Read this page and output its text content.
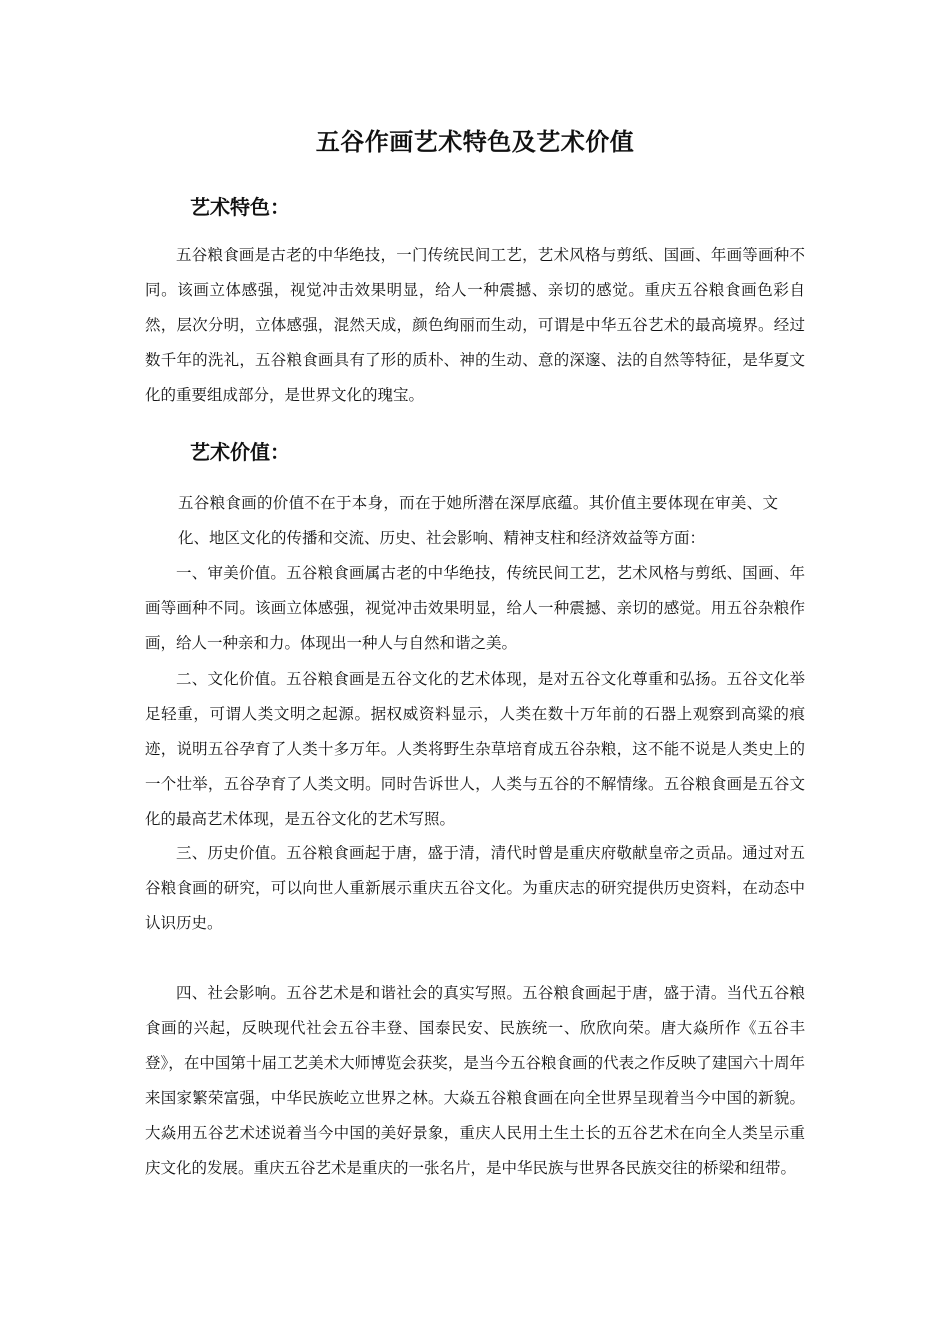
五谷作画艺术特色及艺术价值
艺术特色：

五谷粮食画是古老的中华绝技，一门传统民间工艺，艺术风格与剪纸、国画、年画等画种不同。该画立体感强，视觉冲击效果明显，给人一种震撼、亲切的感觉。重庆五谷粮食画色彩自然，层次分明，立体感强，混然天成，颜色绚丽而生动，可谓是中华五谷艺术的最高境界。经过数千年的洗礼，五谷粮食画具有了形的质朴、神的生动、意的深邃、法的自然等特征，是华夏文化的重要组成部分，是世界文化的瑰宝。

艺术价值：

五谷粮食画的价值不在于本身，而在于她所潜在深厚底蕴。其价值主要体现在审美、文化、地区文化的传播和交流、历史、社会影响、精神支柱和经济效益等方面：

一、审美价值。五谷粮食画属古老的中华绝技，传统民间工艺，艺术风格与剪纸、国画、年画等画种不同。该画立体感强，视觉冲击效果明显，给人一种震撼、亲切的感觉。用五谷杂粮作画，给人一种亲和力。体现出一种人与自然和谐之美。

二、文化价值。五谷粮食画是五谷文化的艺术体现，是对五谷文化尊重和弘扬。五谷文化举足轻重，可谓人类文明之起源。据权威资料显示，人类在数十万年前的石器上观察到高粱的痕迹，说明五谷孕育了人类十多万年。人类将野生杂草培育成五谷杂粮，这不能不说是人类史上的一个壮举，五谷孕育了人类文明。同时告诉世人，人类与五谷的不解情缘。五谷粮食画是五谷文化的最高艺术体现，是五谷文化的艺术写照。

三、历史价值。五谷粮食画起于唐，盛于清，清代时曾是重庆府敬献皇帝之贡品。通过对五谷粮食画的研究，可以向世人重新展示重庆五谷文化。为重庆志的研究提供历史资料，在动态中认识历史。

四、社会影响。五谷艺术是和谐社会的真实写照。五谷粮食画起于唐，盛于清。当代五谷粮食画的兴起，反映现代社会五谷丰登、国泰民安、民族统一、欣欣向荣。唐大焱所作《五谷丰登》，在中国第十届工艺美术大师博览会获奖，是当今五谷粮食画的代表之作反映了建国六十周年来国家繁荣富强，中华民族屹立世界之林。大焱五谷粮食画在向全世界呈现着当今中国的新貌。大焱用五谷艺术述说着当今中国的美好景象，重庆人民用土生土长的五谷艺术在向全人类呈示重庆文化的发展。重庆五谷艺术是重庆的一张名片，是中华民族与世界各民族交往的桥梁和纽带。
